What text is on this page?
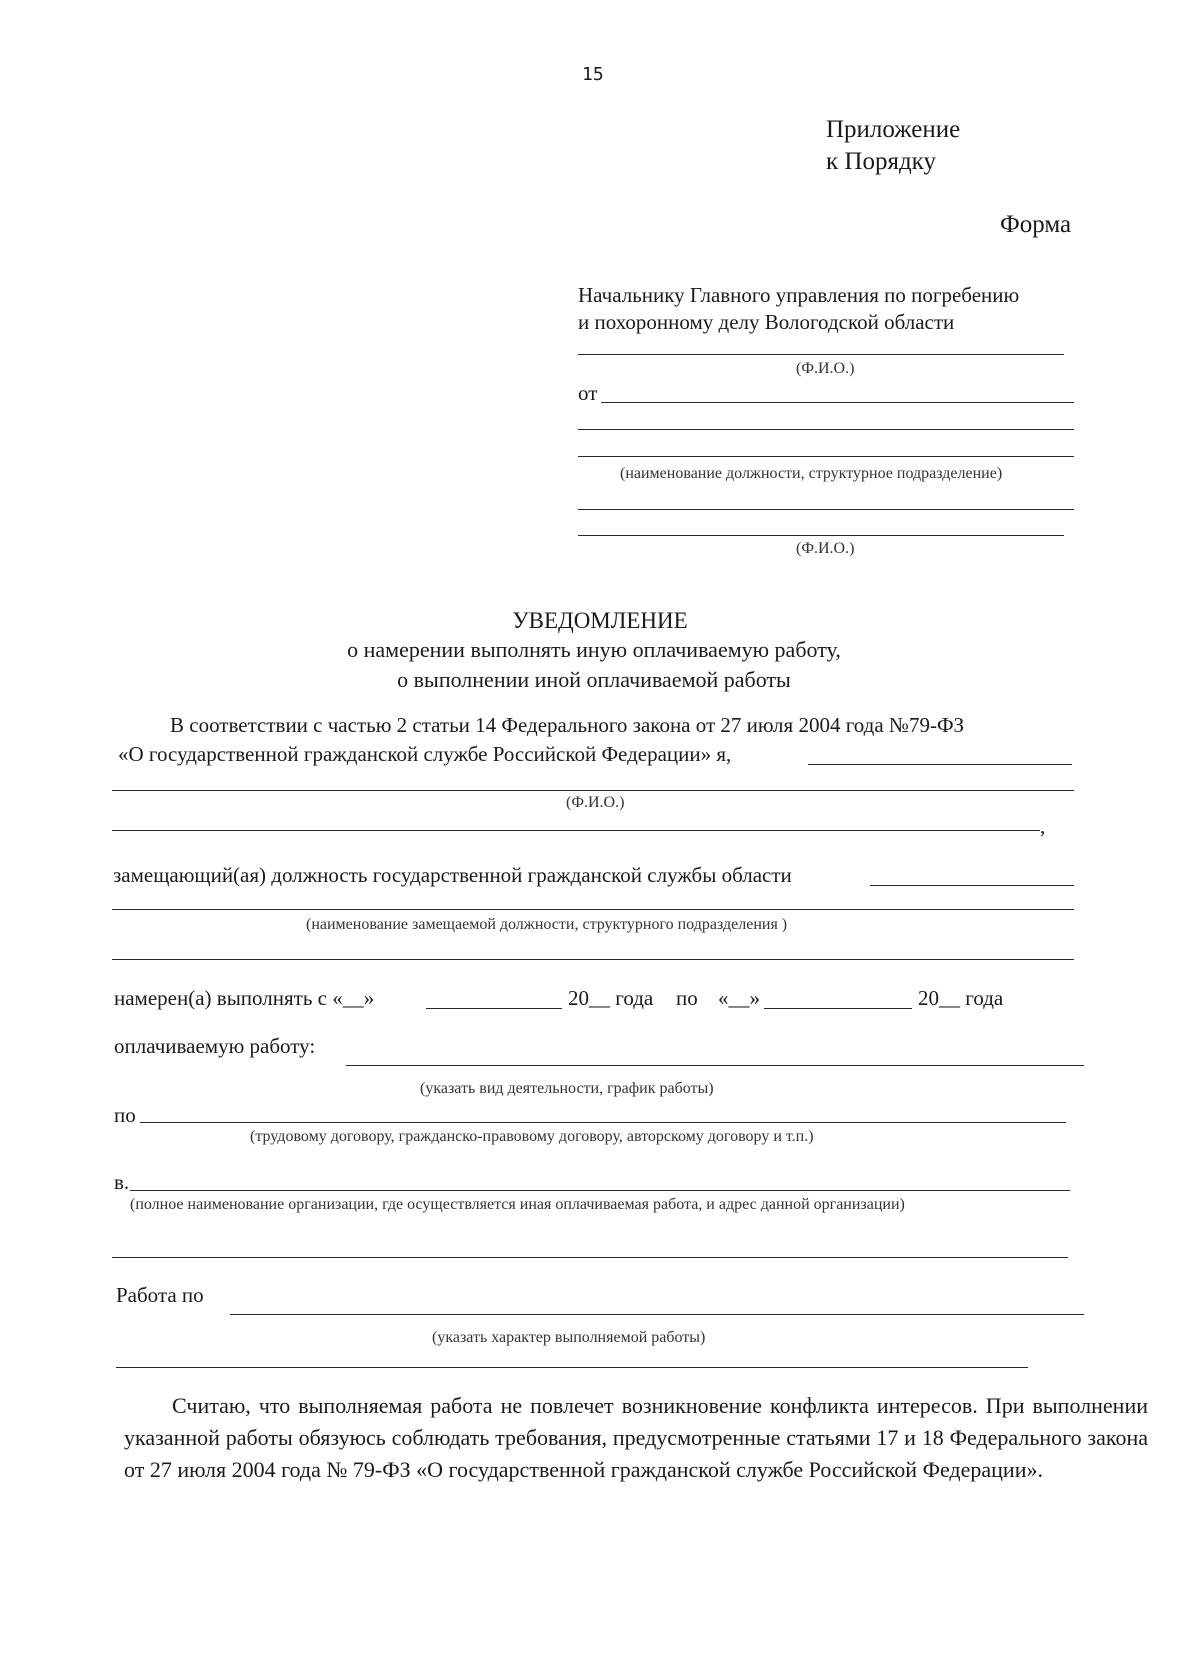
15
Приложение
к Порядку
Форма
Начальнику Главного управления по погребению
и похоронному делу Вологодской области
(Ф.И.О.)
от
(наименование должности, структурное подразделение)
(Ф.И.О.)
УВЕДОМЛЕНИЕ
о намерении выполнять иную оплачиваемую работу,
о выполнении иной оплачиваемой работы
В соответствии с частью 2 статьи 14 Федерального закона от 27 июля 2004 года №79-ФЗ
«О государственной гражданской службе Российской Федерации» я,
(Ф.И.О.)
,
замещающий(ая) должность государственной гражданской службы области
(наименование замещаемой должности, структурного подразделения )
намерен(а) выполнять с «__»	20__ года по «__»	20__ года
оплачиваемую работу:
(указать вид деятельности, график работы)
по
(трудовому договору, гражданско-правовому договору, авторскому договору и т.п.)
в.
(полное наименование организации, где осуществляется иная оплачиваемая работа, и адрес данной организации)
Работа по
(указать характер выполняемой работы)
Считаю, что выполняемая работа не повлечет возникновение конфликта интересов. При выполнении указанной работы обязуюсь соблюдать требования, предусмотренные статьями 17 и 18 Федерального закона от 27 июля 2004 года № 79-ФЗ «О государственной гражданской службе Российской Федерации».
